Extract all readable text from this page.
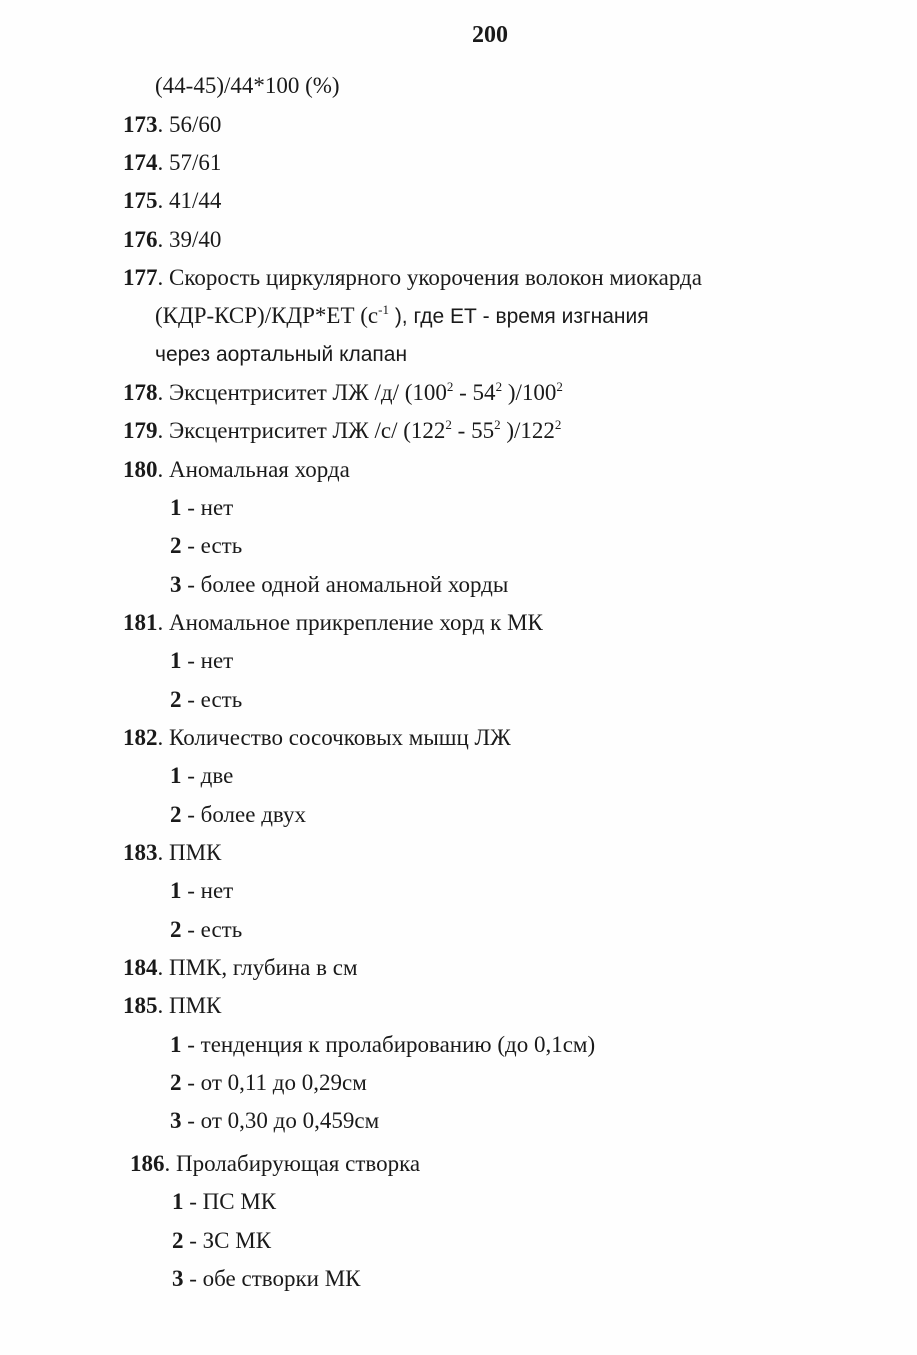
200
(44-45)/44*100 (%)
173. 56/60
174. 57/61
175. 41/44
176. 39/40
177. Скорость циркулярного укорочения волокон миокарда
(КДР-КСР)/КДР*ЕТ ($с^{-1}$ ), где ЕТ - время изгнания
через аортальный клапан
178. Эксцентриситет ЛЖ /д/ ($100^2 - 54^2$ )$/100^2$
179. Эксцентриситет ЛЖ /с/ ($122^2 - 55^2$ )$/122^2$
180. Аномальная хорда
1 - нет
2 - есть
3 - более одной аномальной хорды
181. Аномальное прикрепление хорд к МК
1 - нет
2 - есть
182. Количество сосочковых мышц ЛЖ
1 - две
2 - более двух
183. ПМК
1 - нет
2 - есть
184. ПМК, глубина в см
185. ПМК
1 - тенденция к пролабированию (до 0,1см)
2 - от 0,11 до 0,29см
3 - от 0,30 до 0,459см
186. Пролабирующая створка
1 - ПС МК
2 - ЗС МК
3 - обе створки МК
